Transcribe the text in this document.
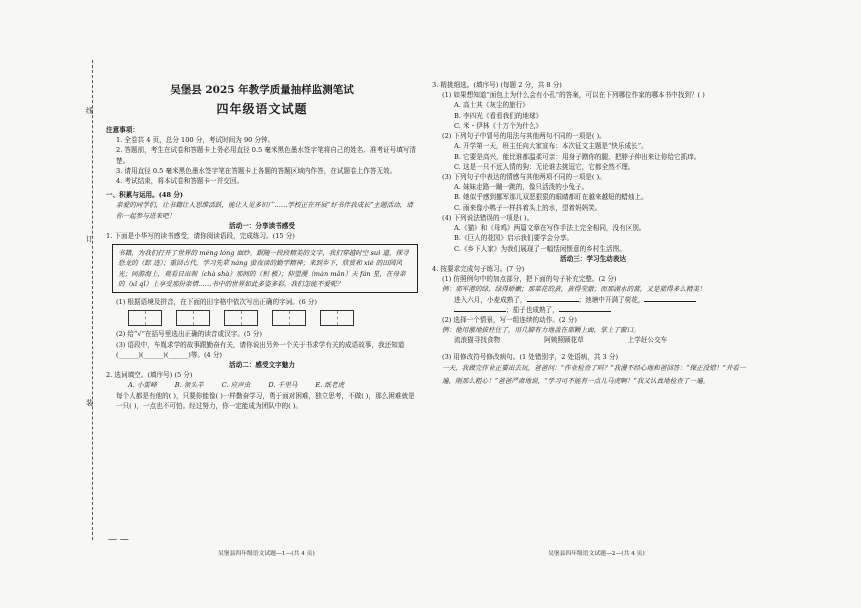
线
订
装
— —

吴堡县 2025 年教学质量抽样监测笔试

四年级语文试题

注意事项：

1. 全卷共 4 页，总分 100 分，考试时间为 90 分钟。

2. 答题前，考生在试卷和答题卡上务必用直径 0.5 毫米黑色墨水签字笔将自己的姓名、准考证号填写清楚。

3. 请用直径 0.5 毫米黑色墨水签字笔在答题卡上各题的答题区域内作答，在试题卷上作答无效。

4. 考试结束，将本试卷和答题卡一并交回。

一、积累与运用。(48 分)

亲爱的同学们，让书籍让人思维活跃，能让人见多识广……学校正在开展“好书伴我成长”主题活动，请你一起参与进来吧！

活动一：分享读书感受

1. 下面是小华写的读书感受，请你阅读语段，完成练习。(15 分)

书籍，为我们打开了世界的 méng lóng 面纱。跟随一段段精美的文字，我们穿越时空 suì 道，探寻恐龙的（踪 迹）；重回古代，学习先辈 náng 萤夜读的勤学精神；来到乡下，欣赏和 xié 的田园风光；同游海上，观看日出刹（chà shà）那间的（积 极）；仰望漫（màn mǎn）天 fán 星，在母亲的（xǐ qǐ）上享受那份亲情……书中的世界如此多姿多彩，我们怎能不爱呢？

(1) 根据语境及拼音，在下面的田字格中依次写出正确的字词。(6 分)

(2) 给“√”在括号里选出正确的读音或汉字。(5 分)

(3) 语段中，车胤求学的故事跟勤奋有关，请你说出另外一个关于书求学有关的成语故事，我还知道(______)(______)(______)等。(4 分)

活动二：感受文字魅力

2. 选词填空。(填序号) (5 分)

A. 小雷峰	B. 领头羊	C. 应声虫	D. 千里马	E. 纸老虎

每个人都是有他的( )，只要你能像( )一样勤奋学习，勇于面对困难，独立思考，不做( )，那么困难就是一只( )，一点也不可怕。经过努力，你一定能成为团队中的( )。

吴堡县四年级语文试题—1—(共 4 页)

3. 精挑细选。(填序号) (每题 2 分，共 8 分)

(1) 如果想知道“面包上为什么会有小孔”的答案，可以在下列哪位作家的哪本书中找到？( )

A. 高士其《灰尘的旅行》

B. 李四光《看看我们的地球》

C. 米・伊林《十万个为什么》

(2) 下列句子中冒号的用法与其他两句不同的一项是( )。

A. 开学第一天，班主任向大家宣布：本次征文主题是“快乐成长”。

B. 它要是高兴，能比谁都温柔可亲：用身子蹭你的腿，把脖子伸出来让你给它抓痒。

C. 这是一只不近人情的狗：无论谁去挑逗它，它都全然不理。

(3) 下列句子中表达的情感与其他两项不同的一项是( )。

A. 妹妹走路一蹦一跳的，像只活泼的小兔子。

B. 她似乎感到挪军那儿双恶狠狠的眼睛都盯在越来越短的蜡烛上。

C. 雨来像小鸭子一样抖着头上的水，望着妈妈笑。

(4) 下列说法错误的一项是( )。

A.《猫》和《母鸡》两篇文章在写作手法上完全相同，没有区别。

B.《巨人的花园》启示我们要学会分享。

C.《乡下人家》为我们展现了一幅恬闲惬意的乡村生活图。

活动三：学习生动表达

4. 按要求完成句子练习。(7 分)

(1) 仿照例句中的加点部分，把下面的句子补充完整。(2 分)

例：那军港的绿，绿得娇嫩；那菜花的黄，黄得莹澈；而那湖水的蓝，又是蓝得多么精美！

进入六月，小麦成熟了，	；池塘中开满了荷花，

；茄子也成熟了，

(2) 选择一个情景，写一组连续的动作。(2 分)

例：他用激地拔柱住了，用几脚有力地盖在那颗上面，掌上了窗口。

流浪猫寻找食物	阿姨照顾花草	上学赶公交车

(3) 用修改符号修改病句。(1 处错别字，2 处语病，共 3 分)

一天，我做完作业正要出去玩，爸爸问：“作业检查了吗？”我漫不经心地和爸回答：“保正没错！”并看一遍，刚那么粗心！”爸爸严肃地说，“学习可不能有一点儿马虎啊！”我又认真地检查了一遍。

吴堡县四年级语文试题—2—(共 4 页)
